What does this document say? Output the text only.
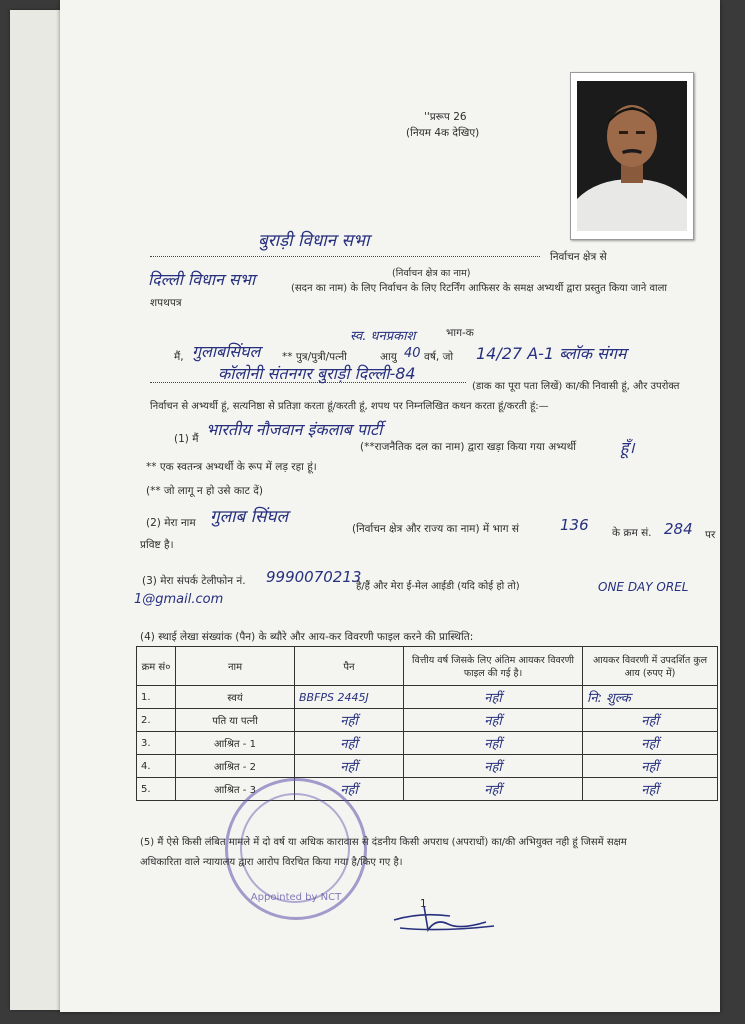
''प्ररूप 26
(नियम 4क देखिए)
बुराड़ी विधान सभा
निर्वाचन क्षेत्र से
(निर्वाचन क्षेत्र का नाम)
दिल्ली विधान सभा	(सदन का नाम) के लिए निर्वाचन के लिए रिटर्निंग आफिसर के समक्ष अभ्यर्थी द्वारा प्रस्तुत किया जाने वाला
शपथपत्र
भाग-क
मैं, गुलाबसिंघल ** पुत्र/पुत्री/पत्नी
स्व. धनप्रकाश
आयु 40 वर्ष, जो 14/27 A-1 ब्लॉक संगम
कॉलोनी संतनगर बुराड़ी दिल्ली-84
(डाक का पूरा पता लिखें) का/की निवासी हूं, और उपरोक्त
निर्वाचन से अभ्यर्थी हूं, सत्यनिष्ठा से प्रतिज्ञा करता हूं/करती हूं, शपथ पर निम्नलिखित कथन करता हूं/करती हूं:—
(1) मैं भारतीय नौजवान इंकलाब पार्टी
(**राजनैतिक दल का नाम) द्वारा खड़ा किया गया अभ्यर्थी	हूँ।
** एक स्वतन्त्र अभ्यर्थी के रूप में लड़ रहा हूं।
(** जो लागू न हो उसे काट दें)
(2) मेरा नाम गुलाब सिंघल
(निर्वाचन क्षेत्र और राज्य का नाम) में भाग सं	136 के क्रम सं. 284 पर
प्रविष्ट है।
(3) मेरा संपर्क टेलीफोन नं. 9990070213
है/हैं और मेरा ई-मेल आईडी (यदि कोई हो तो)	ONE DAY OREL
1@gmail.com
(4) स्थाई लेखा संख्यांक (पैन) के ब्यौरे और आय-कर विवरणी फाइल करने की प्रास्थिति:
क्रम सं०	नाम	पैन	वित्तीय वर्ष जिसके लिए अंतिम आयकर विवरणी फाइल की गई है।	आयकर विवरणी में उपदर्शित कुल आय (रुपए में)
1.	स्वयं	BBFPS 2445J	नहीं	नि: शुल्क
2.	पति या पत्नी	नहीं	नहीं	नहीं
3.	आश्रित - 1	नहीं	नहीं	नहीं
4.	आश्रित - 2	नहीं	नहीं	नहीं
5.	आश्रित - 3	नहीं	नहीं	नहीं
Appointed by NCT
(5) मैं ऐसे किसी लंबित मामले में दो वर्ष या अधिक कारावास से दंडनीय किसी अपराध (अपराधों) का/की अभियुक्त नही हूं जिसमें सक्षम
अधिकारिता वाले न्यायालय द्वारा आरोप विरचित किया गया है/किए गए है।
1
